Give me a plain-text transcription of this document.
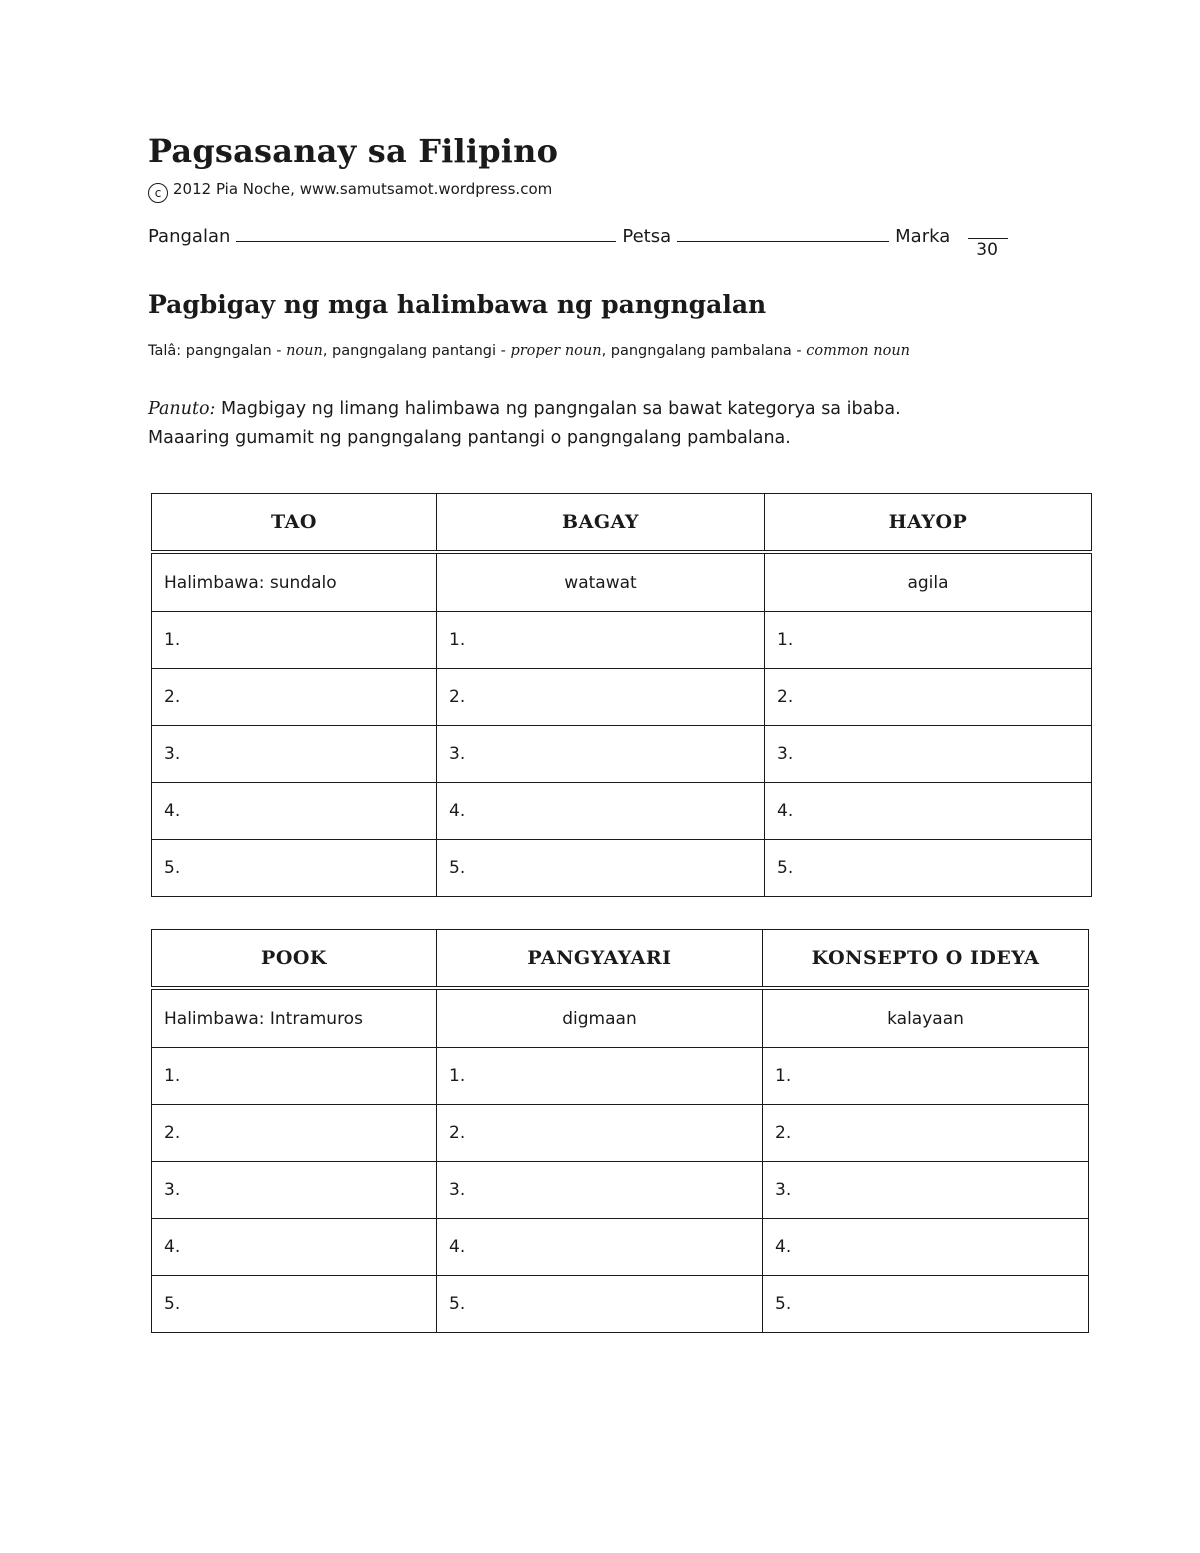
Pagsasanay sa Filipino
c 2012 Pia Noche, www.samutsamot.wordpress.com
Pangalan	Petsa	Marka
30

Pagbigay ng mga halimbawa ng pangngalan
Talâ: pangngalan - noun, pangngalang pantangi - proper noun, pangngalang pambalana - common noun
Panuto: Magbigay ng limang halimbawa ng pangngalan sa bawat kategorya sa ibaba.
Maaaring gumamit ng pangngalang pantangi o pangngalang pambalana.
TAO	BAGAY	HAYOP

Halimbawa: sundalo	watawat	agila
1.	1.	1.
2.	2.	2.
3.	3.	3.
4.	4.	4.
5.	5.	5.
POOK	PANGYAYARI	KONSEPTO O IDEYA

Halimbawa: Intramuros	digmaan	kalayaan
1.	1.	1.
2.	2.	2.
3.	3.	3.
4.	4.	4.
5.	5.	5.
